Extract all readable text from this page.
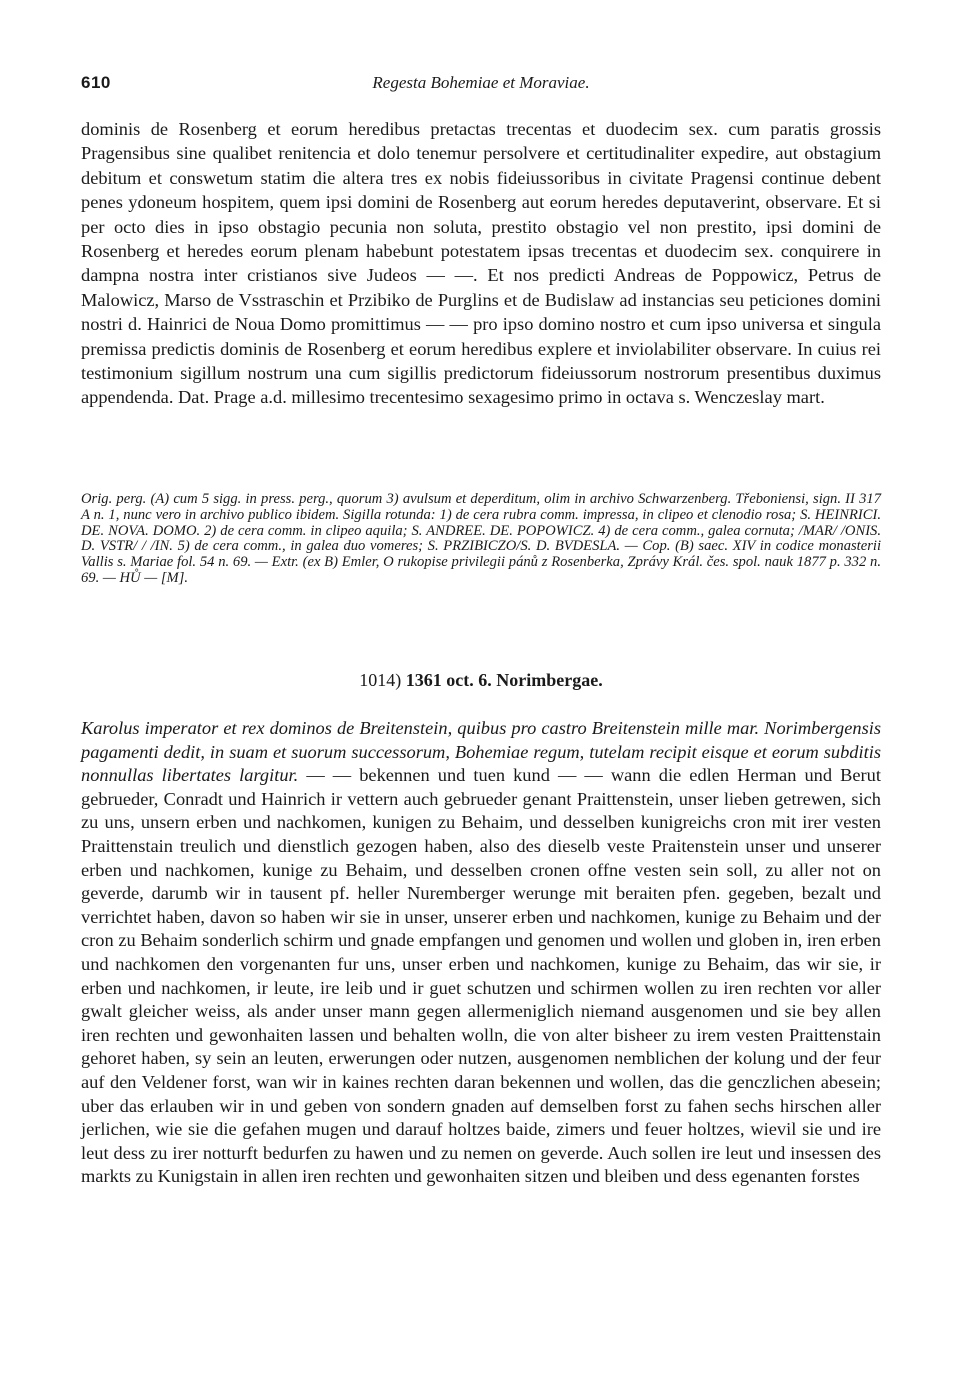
610	Regesta Bohemiae et Moraviae.

dominis de Rosenberg et eorum heredibus pretactas trecentas et duodecim sex. cum paratis grossis Pragensibus sine qualibet renitencia et dolo tenemur persolvere et certitudinaliter expedire, aut obstagium debitum et conswetum statim die altera tres ex nobis fideiussoribus in civitate Pragensi continue debent penes ydoneum hospitem, quem ipsi domini de Rosenberg aut eorum heredes deputaverint, observare. Et si per octo dies in ipso obstagio pecunia non soluta, prestito obstagio vel non prestito, ipsi domini de Rosenberg et heredes eorum plenam habebunt potestatem ipsas trecentas et duodecim sex. conquirere in dampna nostra inter cristianos sive Judeos — —. Et nos predicti Andreas de Poppowicz, Petrus de Malowicz, Marso de Vsstraschin et Przibiko de Purglins et de Budislaw ad instancias seu peticiones domini nostri d. Hainrici de Noua Domo promittimus — — pro ipso domino nostro et cum ipso universa et singula premissa predictis dominis de Rosenberg et eorum heredibus explere et inviolabiliter observare. In cuius rei testimonium sigillum nostrum una cum sigillis predictorum fideiussorum nostrorum presentibus duximus appendenda. Dat. Prage a.d. millesimo trecentesimo sexagesimo primo in octava s. Wenczeslay mart.

Orig. perg. (A) cum 5 sigg. in press. perg., quorum 3) avulsum et deperditum, olim in archivo Schwarzenberg. Třeboniensi, sign. II 317 A n. 1, nunc vero in archivo publico ibidem. Sigilla rotunda: 1) de cera rubra comm. impressa, in clipeo et clenodio rosa; S. HEINRICI. DE. NOVA. DOMO. 2) de cera comm. in clipeo aquila; S. ANDREE. DE. POPOWICZ. 4) de cera comm., galea cornuta; /MAR/ /ONIS. D. VSTR/ / /IN. 5) de cera comm., in galea duo vomeres; S. PRZIBICZO/S. D. BVDESLA. — Cop. (B) saec. XIV in codice monasterii Vallis s. Mariae fol. 54 n. 69. — Extr. (ex B) Emler, O rukopise privilegii pánů z Rosenberka, Zprávy Král. čes. spol. nauk 1877 p. 332 n. 69. — HŮ — [M].

1014) 1361 oct. 6. Norimbergae.

Karolus imperator et rex dominos de Breitenstein, quibus pro castro Breitenstein mille mar. Norimbergensis pagamenti dedit, in suam et suorum successorum, Bohemiae regum, tutelam recipit eisque et eorum subditis nonnullas libertates largitur. — — bekennen und tuen kund — — wann die edlen Herman und Berut gebrueder, Conradt und Hainrich ir vettern auch gebrueder genant Praittenstein, unser lieben getrewen, sich zu uns, unsern erben und nachkomen, kunigen zu Behaim, und desselben kunigreichs cron mit irer vesten Praittenstain treulich und dienstlich gezogen haben, also des dieselb veste Praitenstein unser und unserer erben und nachkomen, kunige zu Behaim, und desselben cronen offne vesten sein soll, zu aller not on geverde, darumb wir in tausent pf. heller Nuremberger werunge mit beraiten pfen. gegeben, bezalt und verrichtet haben, davon so haben wir sie in unser, unserer erben und nachkomen, kunige zu Behaim und der cron zu Behaim sonderlich schirm und gnade empfangen und genomen und wollen und globen in, iren erben und nachkomen den vorgenanten fur uns, unser erben und nachkomen, kunige zu Behaim, das wir sie, ir erben und nachkomen, ir leute, ire leib und ir guet schutzen und schirmen wollen zu iren rechten vor aller gwalt gleicher weiss, als ander unser mann gegen allermeniglich niemand ausgenomen und sie bey allen iren rechten und gewonhaiten lassen und behalten wolln, die von alter bisheer zu irem vesten Praittenstain gehoret haben, sy sein an leuten, erwerungen oder nutzen, ausgenomen nemblichen der kolung und der feur auf den Veldener forst, wan wir in kaines rechten daran bekennen und wollen, das die genczlichen abesein; uber das erlauben wir in und geben von sondern gnaden auf demselben forst zu fahen sechs hirschen aller jerlichen, wie sie die gefahen mugen und darauf holtzes baide, zimers und feuer holtzes, wievil sie und ire leut dess zu irer notturft bedurfen zu hawen und zu nemen on geverde. Auch sollen ire leut und insessen des markts zu Kunigstain in allen iren rechten und gewonhaiten sitzen und bleiben und dess egenanten forstes
